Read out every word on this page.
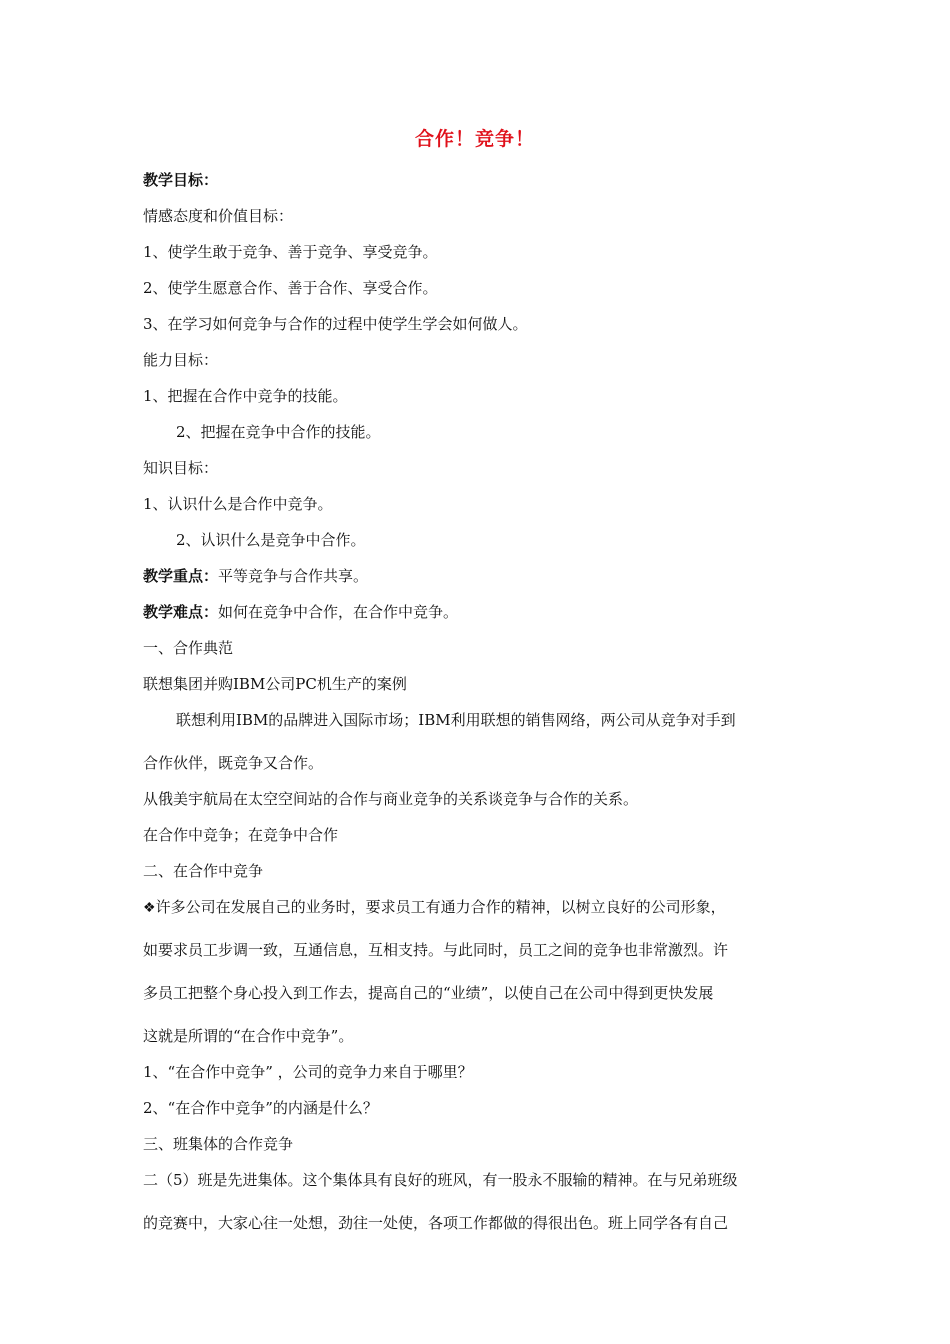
合作！竞争！
教学目标：
情感态度和价值目标：
1、使学生敢于竞争、善于竞争、享受竞争。
2、使学生愿意合作、善于合作、享受合作。
3、在学习如何竞争与合作的过程中使学生学会如何做人。
能力目标：
1、把握在合作中竞争的技能。
2、把握在竞争中合作的技能。
知识目标：
1、认识什么是合作中竞争。
2、认识什么是竞争中合作。
教学重点：平等竞争与合作共享。
教学难点：如何在竞争中合作，在合作中竞争。
一、合作典范
联想集团并购IBM公司PC机生产的案例
联想利用IBM的品牌进入国际市场；IBM利用联想的销售网络，两公司从竞争对手到
合作伙伴，既竞争又合作。
从俄美宇航局在太空空间站的合作与商业竞争的关系谈竞争与合作的关系。
在合作中竞争；在竞争中合作
二、在合作中竞争
❖许多公司在发展自己的业务时，要求员工有通力合作的精神，以树立良好的公司形象，
如要求员工步调一致，互通信息，互相支持。与此同时，员工之间的竞争也非常激烈。许
多员工把整个身心投入到工作去，提高自己的“业绩”，以使自己在公司中得到更快发展
这就是所谓的“在合作中竞争”。
1、“在合作中竞争” ，公司的竞争力来自于哪里？
2、“在合作中竞争”的内涵是什么？
三、班集体的合作竞争
二（5）班是先进集体。这个集体具有良好的班风，有一股永不服输的精神。在与兄弟班级
的竞赛中，大家心往一处想，劲往一处使，各项工作都做的得很出色。班上同学各有自己
